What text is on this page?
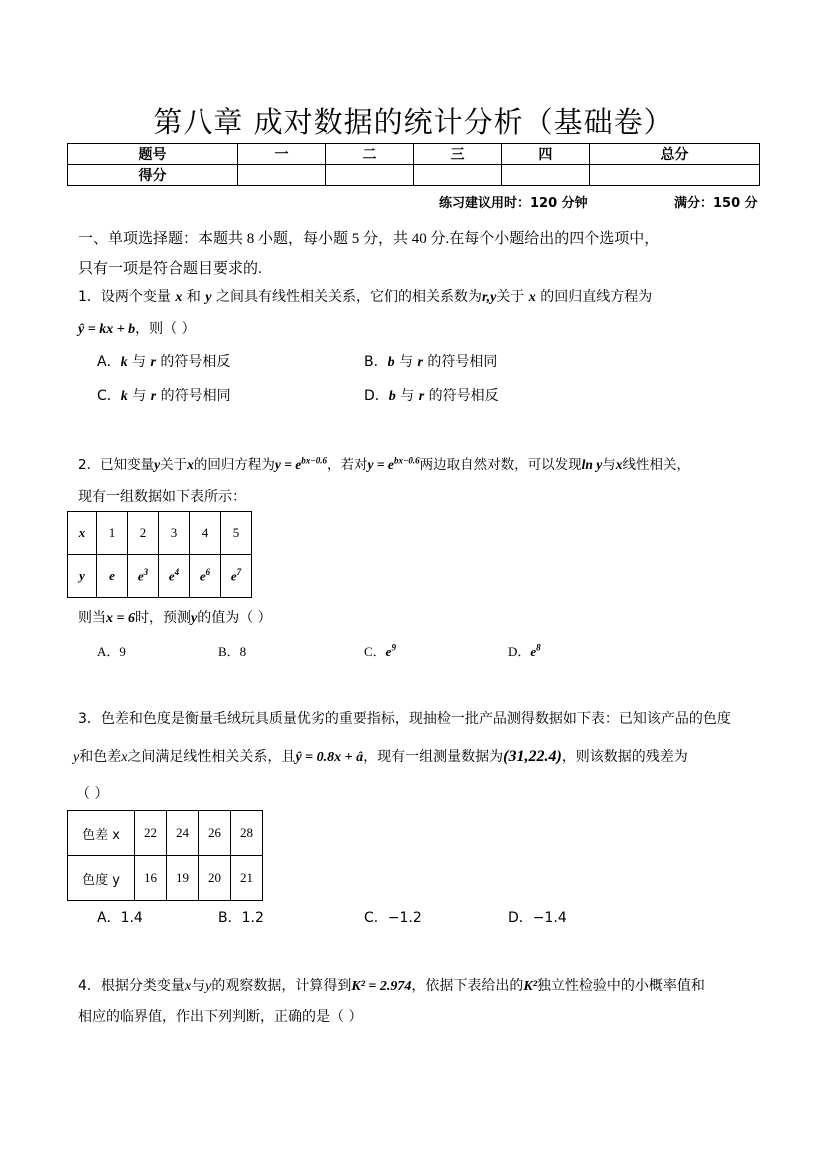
第八章 成对数据的统计分析（基础卷）
题号	一	二	三	四	总分
得分					
练习建议用时：120 分钟	满分：150 分
一、单项选择题：本题共 8 小题，每小题 5 分，共 40 分.在每个小题给出的四个选项中，
只有一项是符合题目要求的.
1．设两个变量 x 和 y 之间具有线性相关关系，它们的相关系数为r,y关于 x 的回归直线方程为
ŷ = kx + b，则（ ）
A．k 与 r 的符号相反	B．b 与 r 的符号相同
C．k 与 r 的符号相同	D．b 与 r 的符号相反
2．已知变量y关于x的回归方程为$y = e^{bx-0.6}$，若对$y = e^{bx-0.6}$两边取自然对数，可以发现ln y与x线性相关，
现有一组数据如下表所示：
x	1	2	3	4	5
y	e	$e^3$	$e^4$	$e^6$	$e^7$
则当x = 6时，预测y的值为（ ）
A．9	B．8	C．$e^9$	D．$e^8$
3．色差和色度是衡量毛绒玩具质量优劣的重要指标，现抽检一批产品测得数据如下表：已知该产品的色度
y和色差x之间满足线性相关关系，且ŷ = 0.8x + â，现有一组测量数据为(31,22.4)，则该数据的残差为
（ ）
色差 x	22	24	26	28
色度 y	16	19	20	21
A．1.4	B．1.2	C．−1.2	D．−1.4
4．根据分类变量x与y的观察数据，计算得到K² = 2.974，依据下表给出的K²独立性检验中的小概率值和
相应的临界值，作出下列判断，正确的是（ ）
